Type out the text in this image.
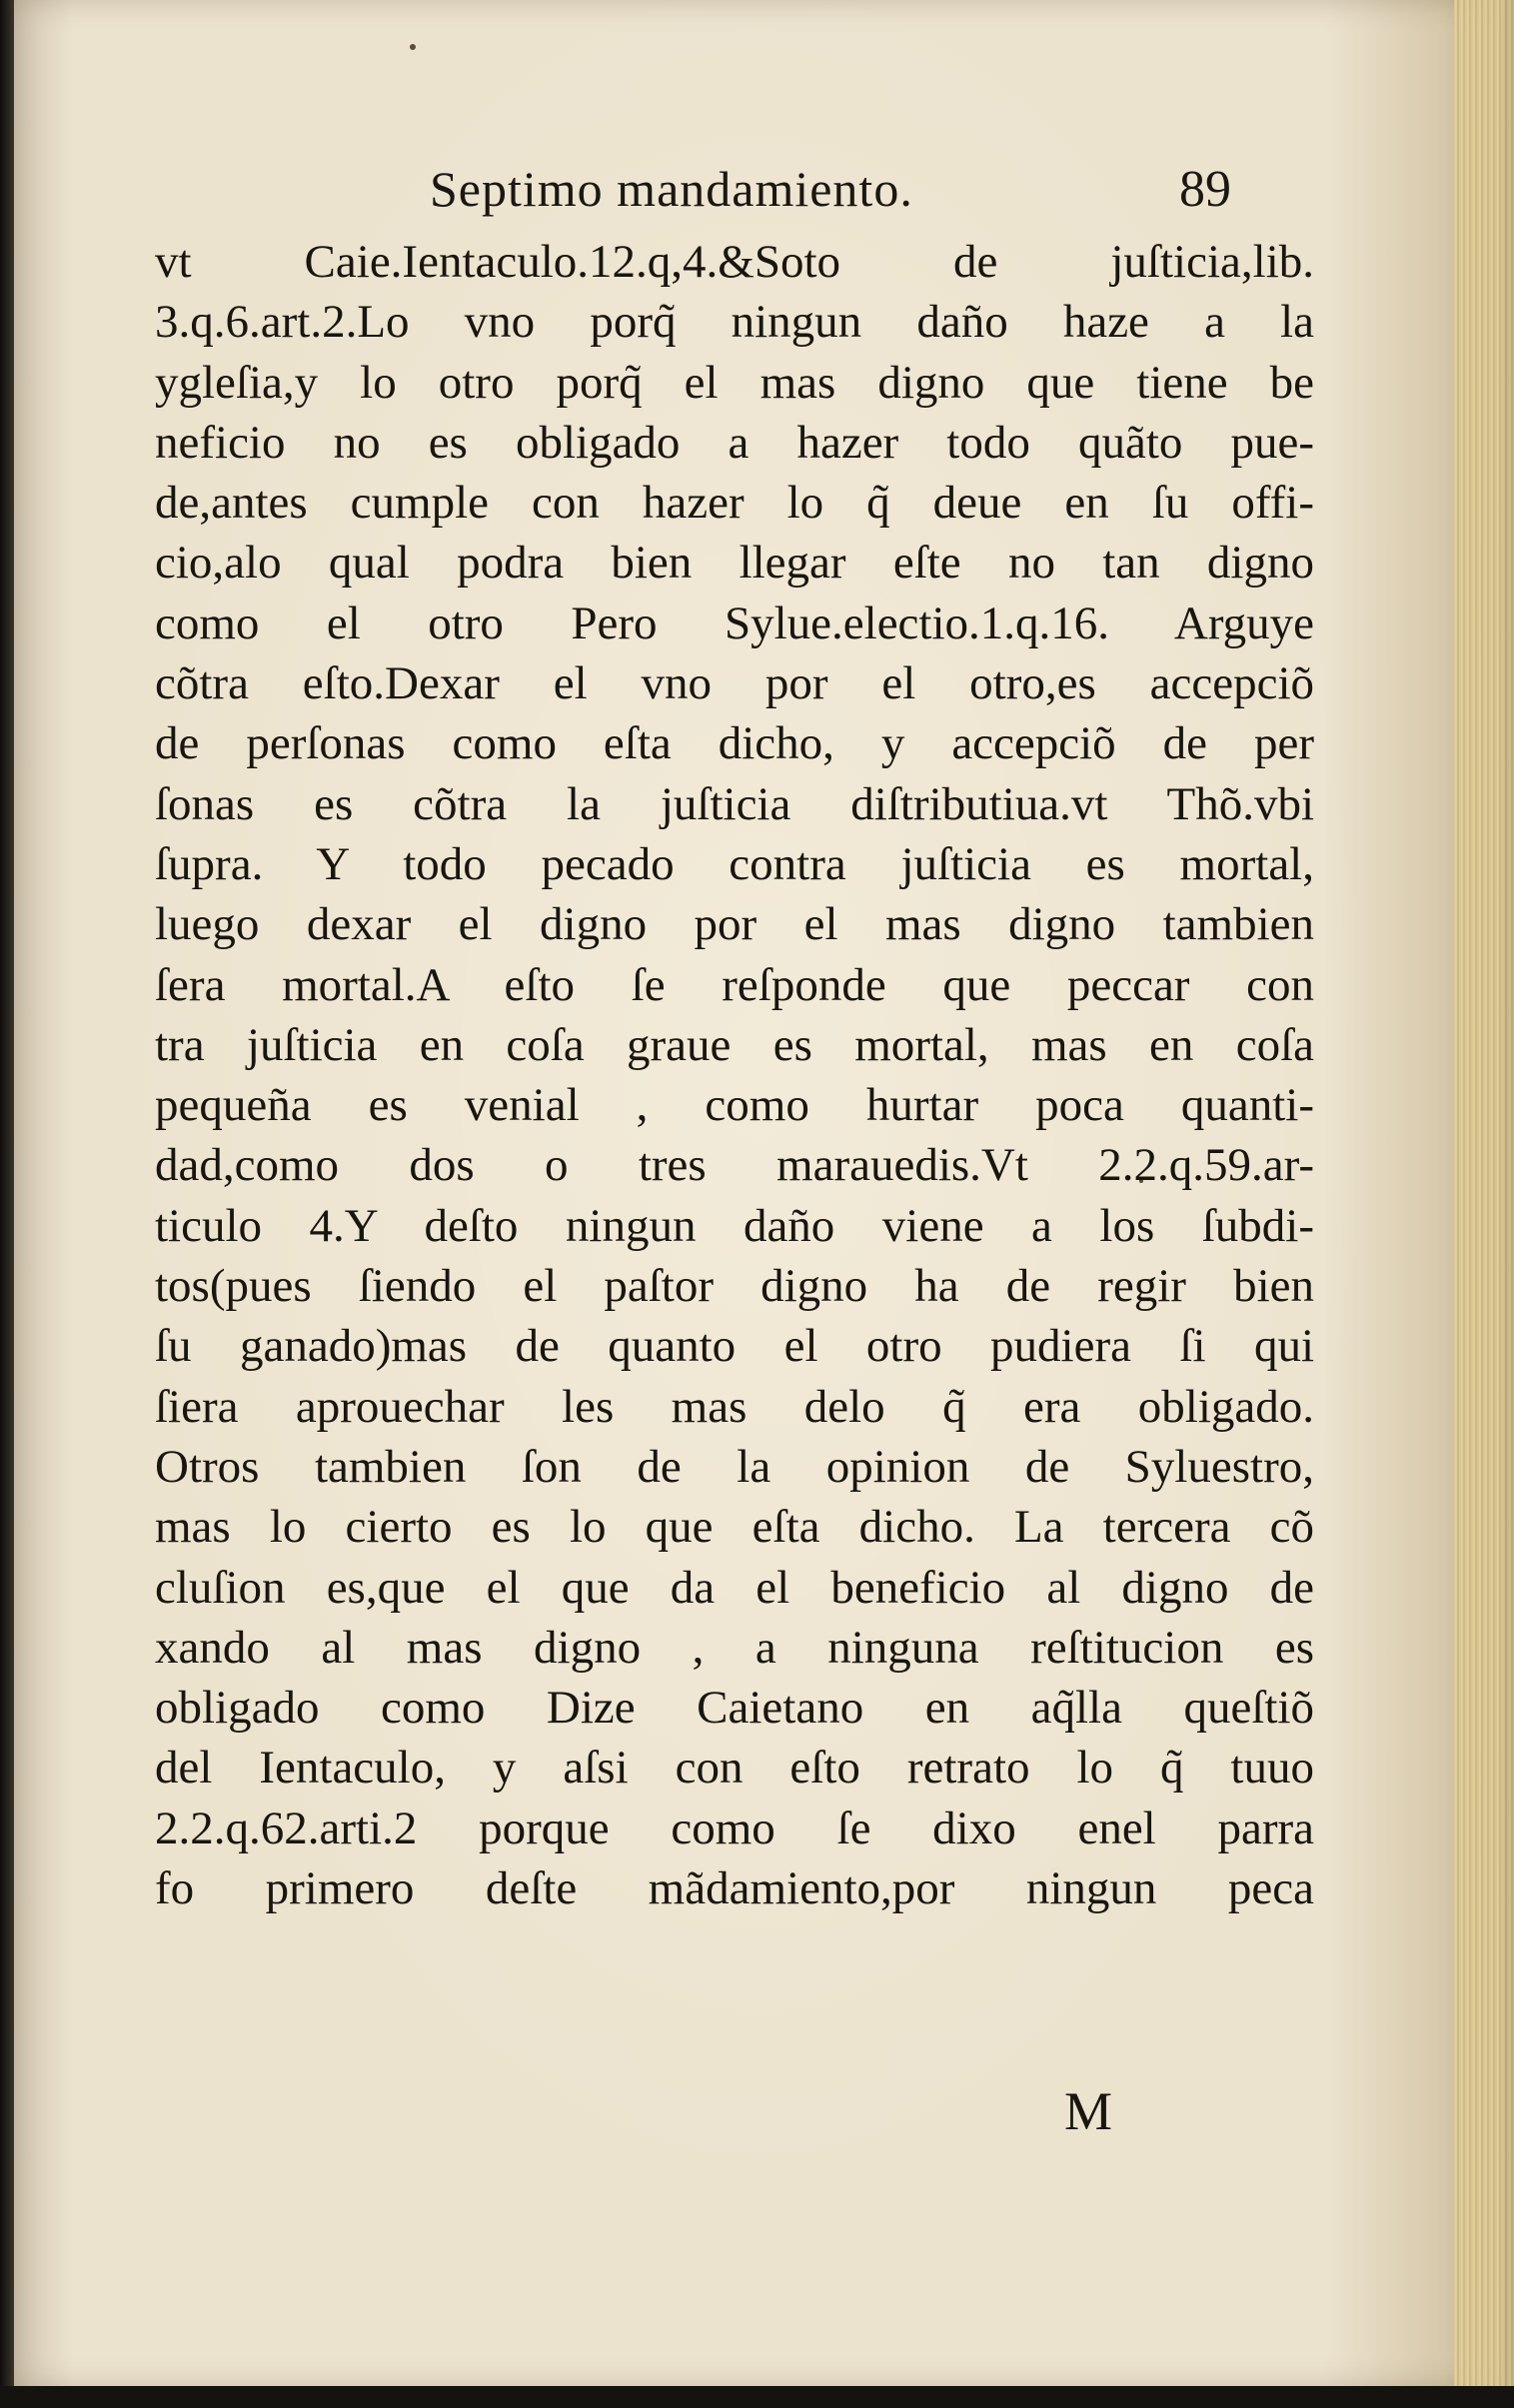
Septimo mandamiento.	89
vt Caie.Ientaculo.12.q,4.&Soto de juſticia,lib.
3.q.6.art.2.Lo vno porq̃ ningun daño haze a la
ygleſia,y lo otro porq̃ el mas digno que tiene be
neficio no es obligado a hazer todo quãto pue-
de,antes cumple con hazer lo q̃ deue en ſu offi-
cio,alo qual podra bien llegar eſte no tan digno
como el otro Pero Sylue.electio.1.q.16. Arguye
cõtra eſto.Dexar el vno por el otro,es accepciõ
de perſonas como eſta dicho, y accepciõ de per
ſonas es cõtra la juſticia diſtributiua.vt Thõ.vbi
ſupra. Y todo pecado contra juſticia es mortal,
luego dexar el digno por el mas digno tambien
ſera mortal.A eſto ſe reſponde que peccar con
tra juſticia en coſa graue es mortal, mas en coſa
pequeña es venial , como hurtar poca quanti-
dad,como dos o tres marauedis.Vt 2.2.q.59.ar-
ticulo 4.Y deſto ningun daño viene a los ſubdi-
tos(pues ſiendo el paſtor digno ha de regir bien
ſu ganado)mas de quanto el otro pudiera ſi qui
ſiera aprouechar les mas delo q̃ era obligado.
Otros tambien ſon de la opinion de Syluestro,
mas lo cierto es lo que eſta dicho. La tercera cõ
cluſion es,que el que da el beneficio al digno de
xando al mas digno , a ninguna reſtitucion es
obligado como Dize Caietano en aq̃lla queſtiõ
del Ientaculo, y aſsi con eſto retrato lo q̃ tuuo
2.2.q.62.arti.2 porque como ſe dixo enel parra
fo primero deſte mãdamiento,por ningun peca
M
